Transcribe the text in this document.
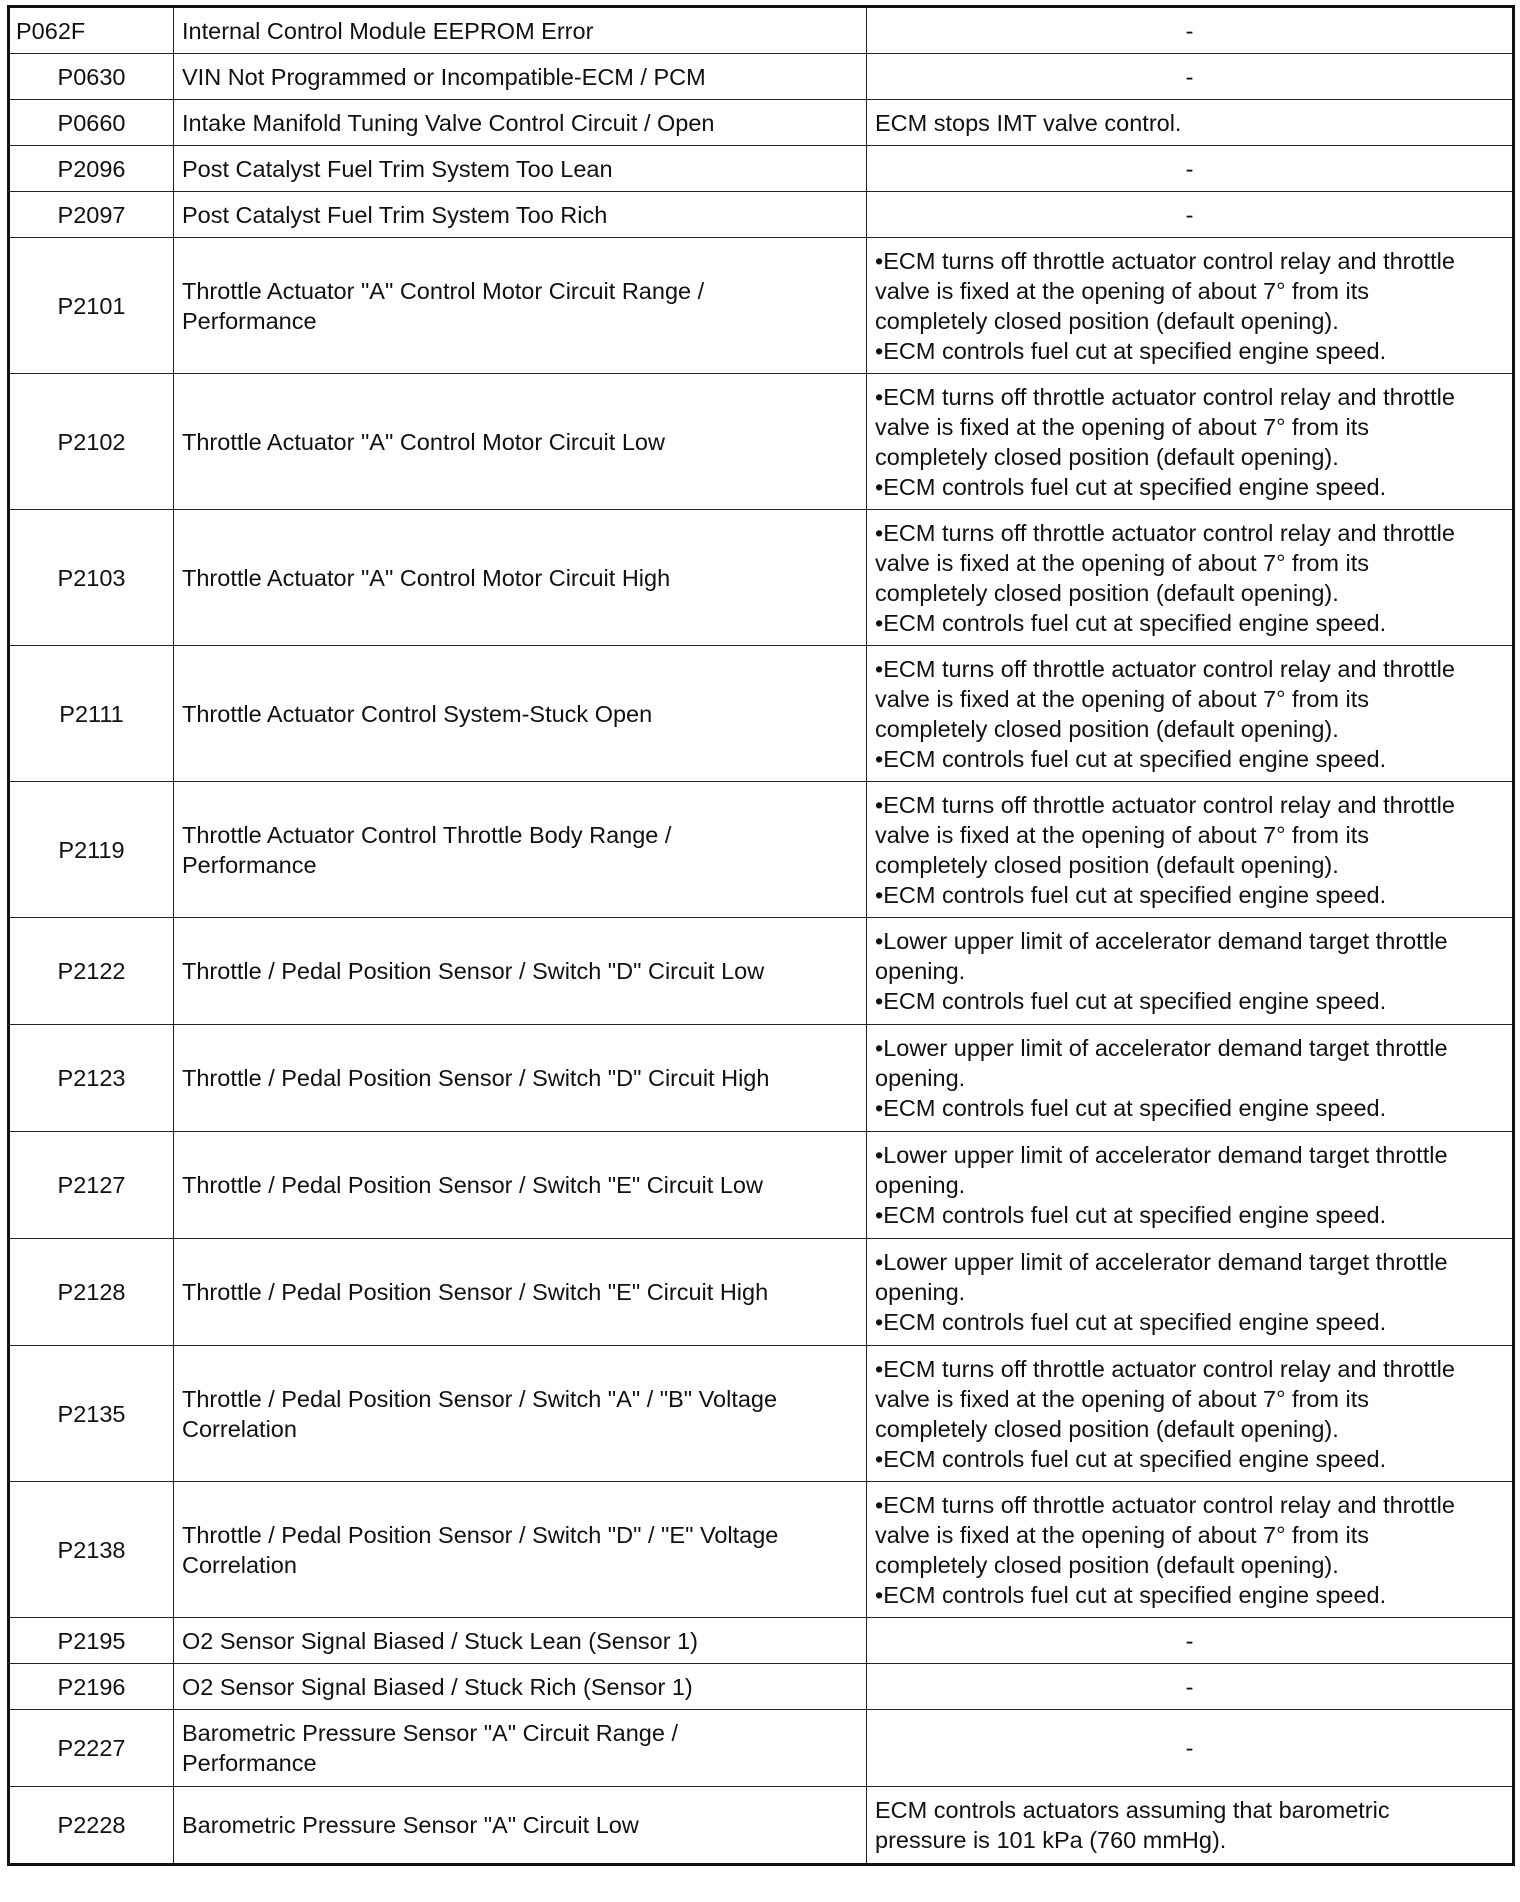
P062F	Internal Control Module EEPROM Error	-

P0630	VIN Not Programmed or Incompatible-ECM / PCM	-

P0660	Intake Manifold Tuning Valve Control Circuit / Open	ECM stops IMT valve control.

P2096	Post Catalyst Fuel Trim System Too Lean	-

P2097	Post Catalyst Fuel Trim System Too Rich	-

P2101	Throttle Actuator "A" Control Motor Circuit Range /
Performance	• ECM turns off throttle actuator control relay and throttle
valve is fixed at the opening of about 7° from its
completely closed position (default opening).
• ECM controls fuel cut at specified engine speed.

P2102	Throttle Actuator "A" Control Motor Circuit Low	• ECM turns off throttle actuator control relay and throttle
valve is fixed at the opening of about 7° from its
completely closed position (default opening).
• ECM controls fuel cut at specified engine speed.

P2103	Throttle Actuator "A" Control Motor Circuit High	• ECM turns off throttle actuator control relay and throttle
valve is fixed at the opening of about 7° from its
completely closed position (default opening).
• ECM controls fuel cut at specified engine speed.

P2111	Throttle Actuator Control System-Stuck Open	• ECM turns off throttle actuator control relay and throttle
valve is fixed at the opening of about 7° from its
completely closed position (default opening).
• ECM controls fuel cut at specified engine speed.

P2119	Throttle Actuator Control Throttle Body Range /
Performance	• ECM turns off throttle actuator control relay and throttle
valve is fixed at the opening of about 7° from its
completely closed position (default opening).
• ECM controls fuel cut at specified engine speed.

P2122	Throttle / Pedal Position Sensor / Switch "D" Circuit Low	• Lower upper limit of accelerator demand target throttle
opening.
• ECM controls fuel cut at specified engine speed.

P2123	Throttle / Pedal Position Sensor / Switch "D" Circuit High	• Lower upper limit of accelerator demand target throttle
opening.
• ECM controls fuel cut at specified engine speed.

P2127	Throttle / Pedal Position Sensor / Switch "E" Circuit Low	• Lower upper limit of accelerator demand target throttle
opening.
• ECM controls fuel cut at specified engine speed.

P2128	Throttle / Pedal Position Sensor / Switch "E" Circuit High	• Lower upper limit of accelerator demand target throttle
opening.
• ECM controls fuel cut at specified engine speed.

P2135	Throttle / Pedal Position Sensor / Switch "A" / "B" Voltage
Correlation	• ECM turns off throttle actuator control relay and throttle
valve is fixed at the opening of about 7° from its
completely closed position (default opening).
• ECM controls fuel cut at specified engine speed.

P2138	Throttle / Pedal Position Sensor / Switch "D" / "E" Voltage
Correlation	• ECM turns off throttle actuator control relay and throttle
valve is fixed at the opening of about 7° from its
completely closed position (default opening).
• ECM controls fuel cut at specified engine speed.

P2195	O2 Sensor Signal Biased / Stuck Lean (Sensor 1)	-

P2196	O2 Sensor Signal Biased / Stuck Rich (Sensor 1)	-

P2227	Barometric Pressure Sensor "A" Circuit Range /
Performance	-

P2228	Barometric Pressure Sensor "A" Circuit Low	ECM controls actuators assuming that barometric
pressure is 101 kPa (760 mmHg).
